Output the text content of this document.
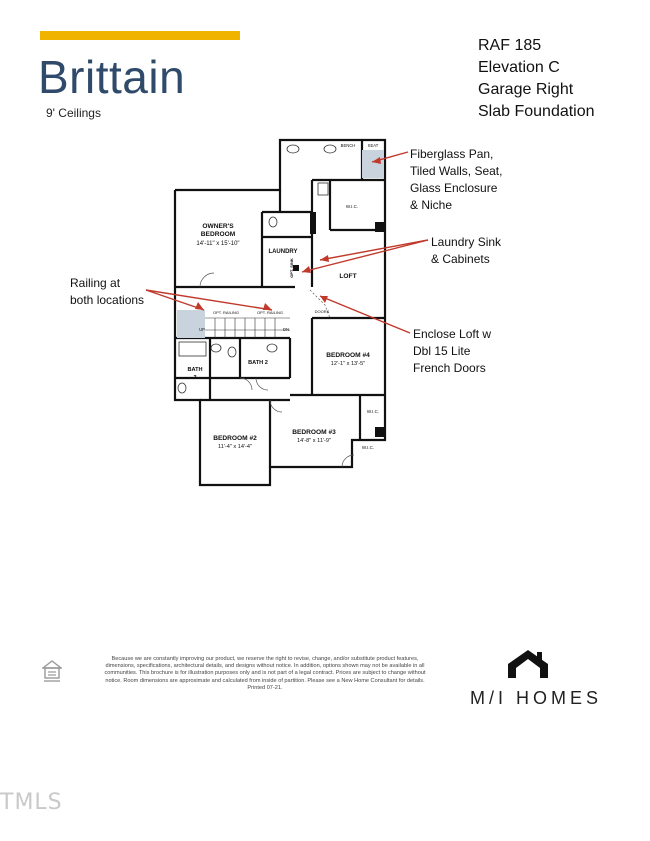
Brittain
9' Ceilings
RAF 185
Elevation C
Garage Right
Slab Foundation
Fiberglass Pan,
Tiled Walls, Seat,
Glass Enclosure
& Niche
Laundry Sink
& Cabinets
Railing at
both locations
Enclose Loft w
Dbl 15 Lite
French Doors
OWNER'S
BEDROOM
14'-11" x 15'-10"
LAUNDRY
LOFT
BEDROOM #4
12'-1" x 13'-5"
BATH 2
BATH
3
BEDROOM #2
11'-4" x 14'-4"
BEDROOM #3
14'-8" x 11'-9"
W.I.C.
W.I.C.
W.I.C.
BENCH	SEAT
OPT. RAILING	OPT. RAILING
UP	DN
DOORS
OPT. SINK
Because we are constantly improving our product, we reserve the right to revise, change, and/or substitute product features, dimensions, specifications, architectural details, and designs without notice. In addition, options shown may not be available in all communities. This brochure is for illustration purposes only and is not part of a legal contract. Prices are subject to change without notice. Room dimensions are approximate and calculated from inside of partition. Please see a New Home Consultant for details. Printed 07-21.
M/I HOMES
TMLS
